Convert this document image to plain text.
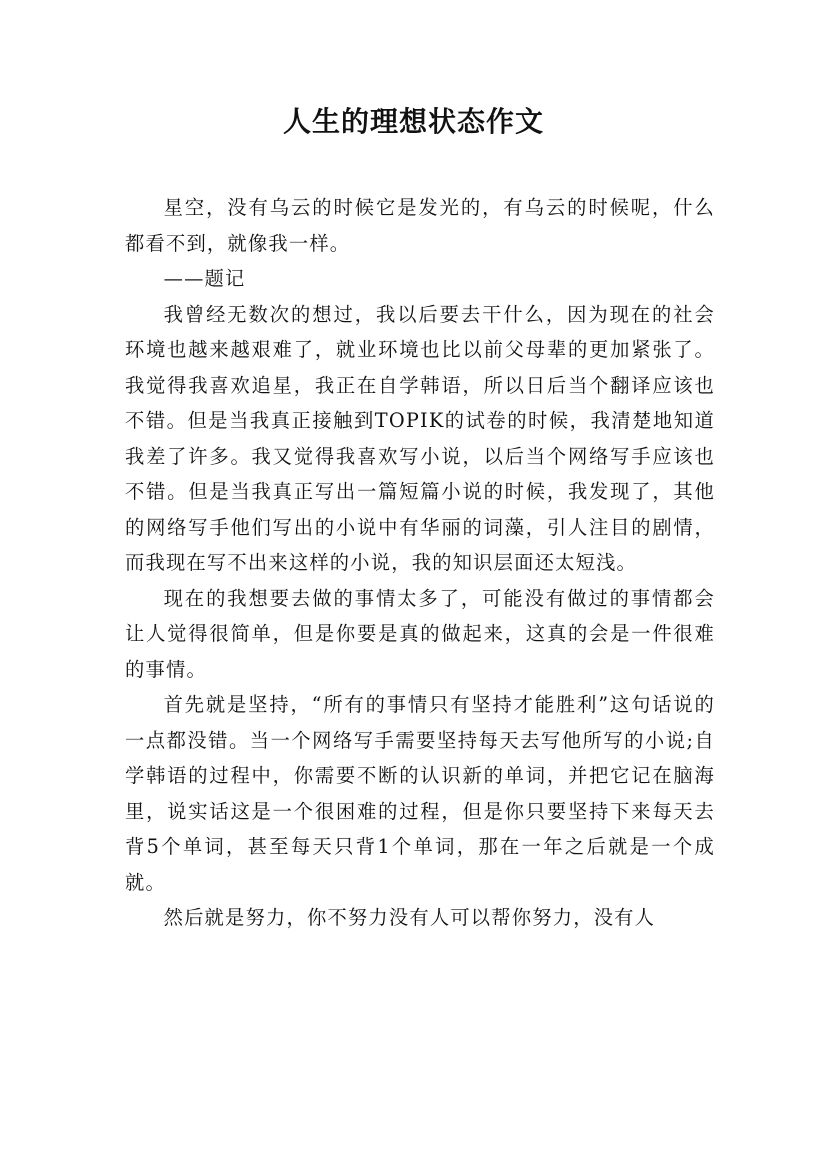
人生的理想状态作文

星空，没有乌云的时候它是发光的，有乌云的时候呢，什么都看不到，就像我一样。

——题记

我曾经无数次的想过，我以后要去干什么，因为现在的社会环境也越来越艰难了，就业环境也比以前父母辈的更加紧张了。我觉得我喜欢追星，我正在自学韩语，所以日后当个翻译应该也不错。但是当我真正接触到TOPIK的试卷的时候，我清楚地知道我差了许多。我又觉得我喜欢写小说，以后当个网络写手应该也不错。但是当我真正写出一篇短篇小说的时候，我发现了，其他的网络写手他们写出的小说中有华丽的词藻，引人注目的剧情，而我现在写不出来这样的小说，我的知识层面还太短浅。

现在的我想要去做的事情太多了，可能没有做过的事情都会让人觉得很简单，但是你要是真的做起来，这真的会是一件很难的事情。

首先就是坚持，“所有的事情只有坚持才能胜利”这句话说的一点都没错。当一个网络写手需要坚持每天去写他所写的小说;自学韩语的过程中，你需要不断的认识新的单词，并把它记在脑海里，说实话这是一个很困难的过程，但是你只要坚持下来每天去背5个单词，甚至每天只背1个单词，那在一年之后就是一个成就。

然后就是努力，你不努力没有人可以帮你努力，没有人
